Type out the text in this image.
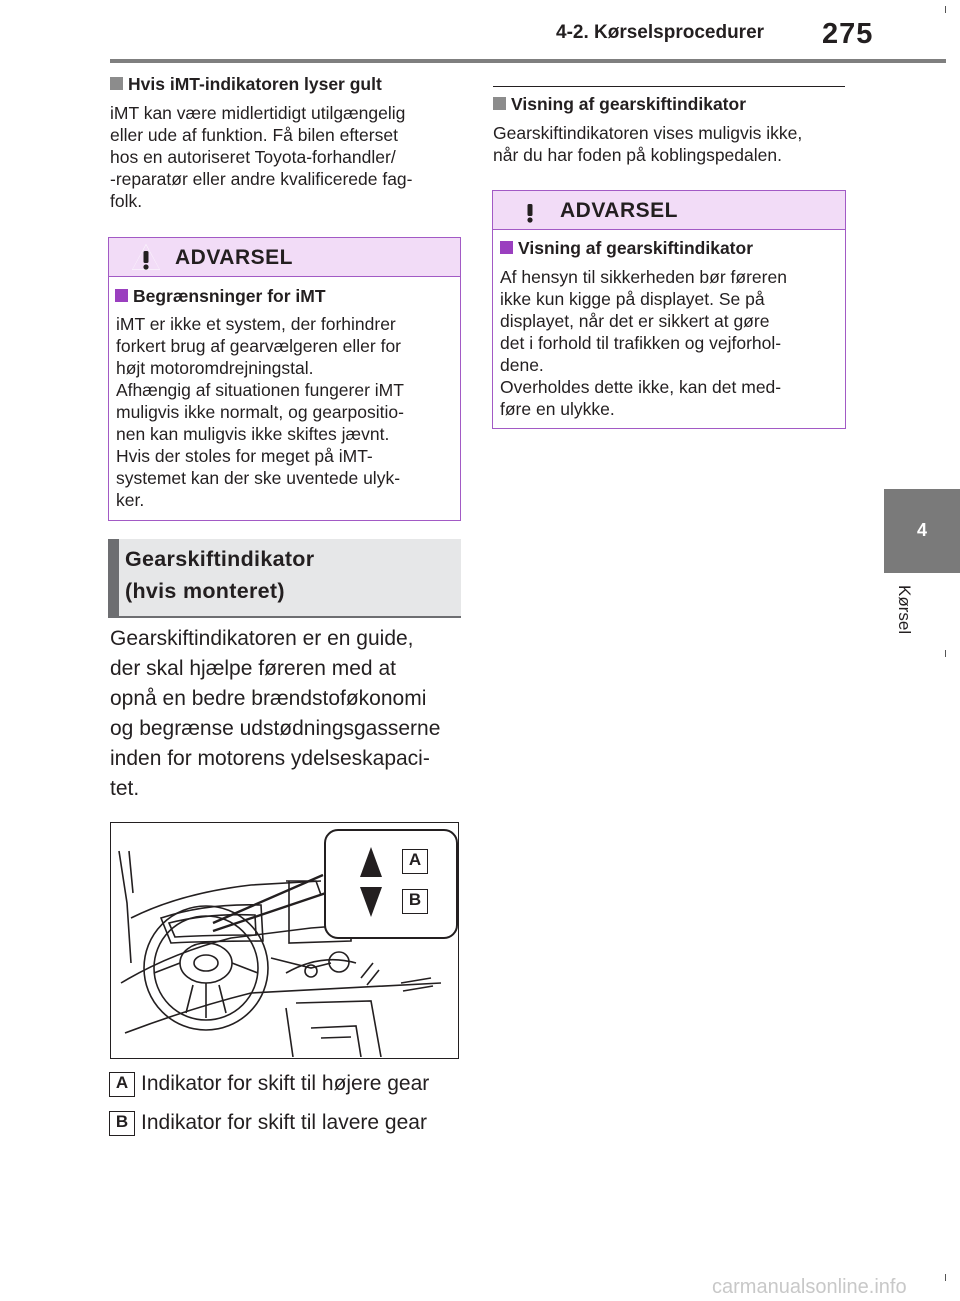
4-2. Kørselsprocedurer 275
4
Kørsel
Hvis iMT-indikatoren lyser gult
iMT kan være midlertidigt utilgængelig
eller ude af funktion. Få bilen efterset
hos en autoriseret Toyota-forhandler/
-reparatør eller andre kvalificerede fag-
folk.
ADVARSEL
Begrænsninger for iMT
iMT er ikke et system, der forhindrer
forkert brug af gearvælgeren eller for
højt motoromdrejningstal.
Afhængig af situationen fungerer iMT
muligvis ikke normalt, og gearpositio-
nen kan muligvis ikke skiftes jævnt.
Hvis der stoles for meget på iMT-
systemet kan der ske uventede ulyk-
ker.
Gearskiftindikator
(hvis monteret)
Gearskiftindikatoren er en guide,
der skal hjælpe føreren med at
opnå en bedre brændstoføkonomi
og begrænse udstødningsgasserne
inden for motorens ydelseskapaci-
tet.
A
B
A Indikator for skift til højere gear
B Indikator for skift til lavere gear
Visning af gearskiftindikator
Gearskiftindikatoren vises muligvis ikke,
når du har foden på koblingspedalen.
ADVARSEL
Visning af gearskiftindikator
Af hensyn til sikkerheden bør føreren
ikke kun kigge på displayet. Se på
displayet, når det er sikkert at gøre
det i forhold til trafikken og vejforhol-
dene.
Overholdes dette ikke, kan det med-
føre en ulykke.
carmanualsonline.info
